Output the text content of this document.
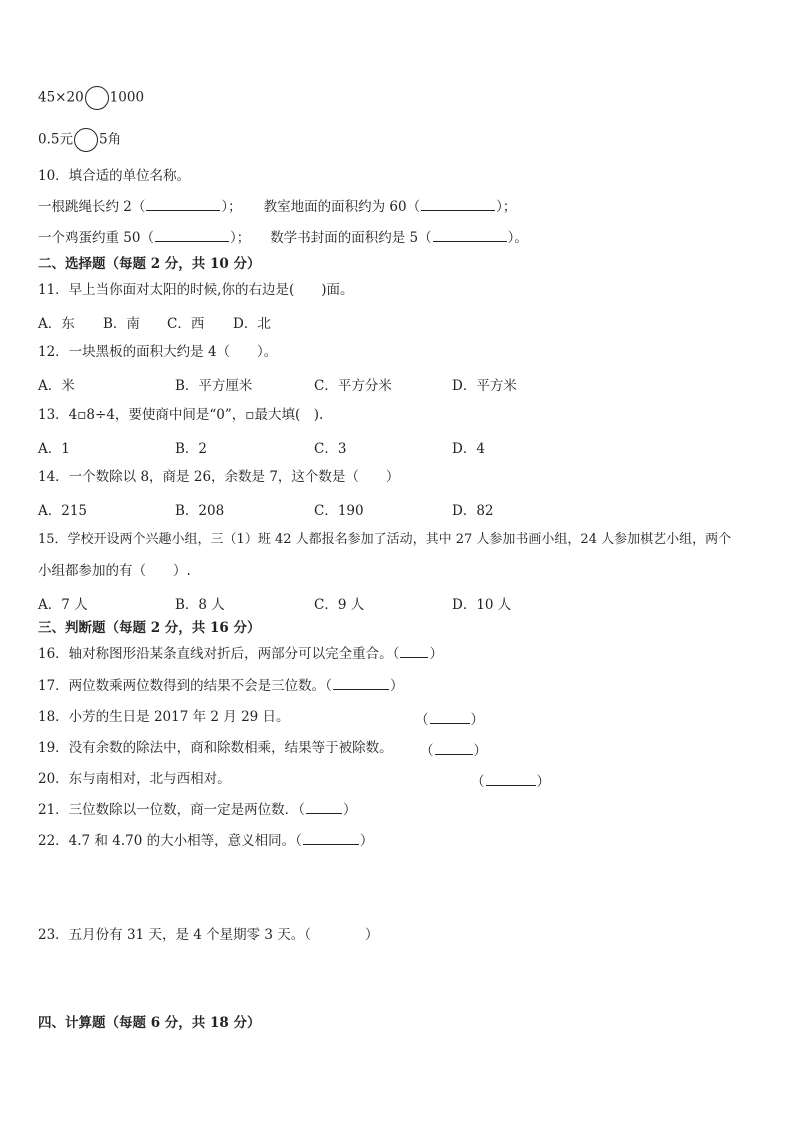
45×20 1000
0.5元 5角
10．填合适的单位名称。
一根跳绳长约 2（	）； 教室地面的面积约为 60（	）；
一个鸡蛋约重 50（	）； 数学书封面的面积约是 5（	）。
二、选择题（每题 2 分，共 10 分）
11．早上当你面对太阳的时候,你的右边是(　　)面。
A．东 B．南 C．西 D．北
12．一块黑板的面积大约是 4（　　）。
A．米	B．平方厘米	C．平方分米	D．平方米
13．4▫8÷4，要使商中间是“0”，▫最大填(　).
A．1	B．2	C．3	D．4
14．一个数除以 8，商是 26，余数是 7，这个数是（　　）
A．215	B．208	C．190	D．82
15．学校开设两个兴趣小组，三（1）班 42 人都报名参加了活动，其中 27 人参加书画小组，24 人参加棋艺小组，两个
小组都参加的有（　　）.
A．7 人	B．8 人	C．9 人	D．10 人
三、判断题（每题 2 分，共 16 分）
16．轴对称图形沿某条直线对折后，两部分可以完全重合。（ ）
17．两位数乘两位数得到的结果不会是三位数。（	）
18．小芳的生日是 2017 年 2 月 29 日。	（	）
19．没有余数的除法中，商和除数相乘，结果等于被除数。 （	）
20．东与南相对，北与西相对。	（	）
21．三位数除以一位数，商一定是两位数．（	）
22．4.7 和 4.70 的大小相等，意义相同。（	）
23．五月份有 31 天，是 4 个星期零 3 天。（　　　　）
四、计算题（每题 6 分，共 18 分）
